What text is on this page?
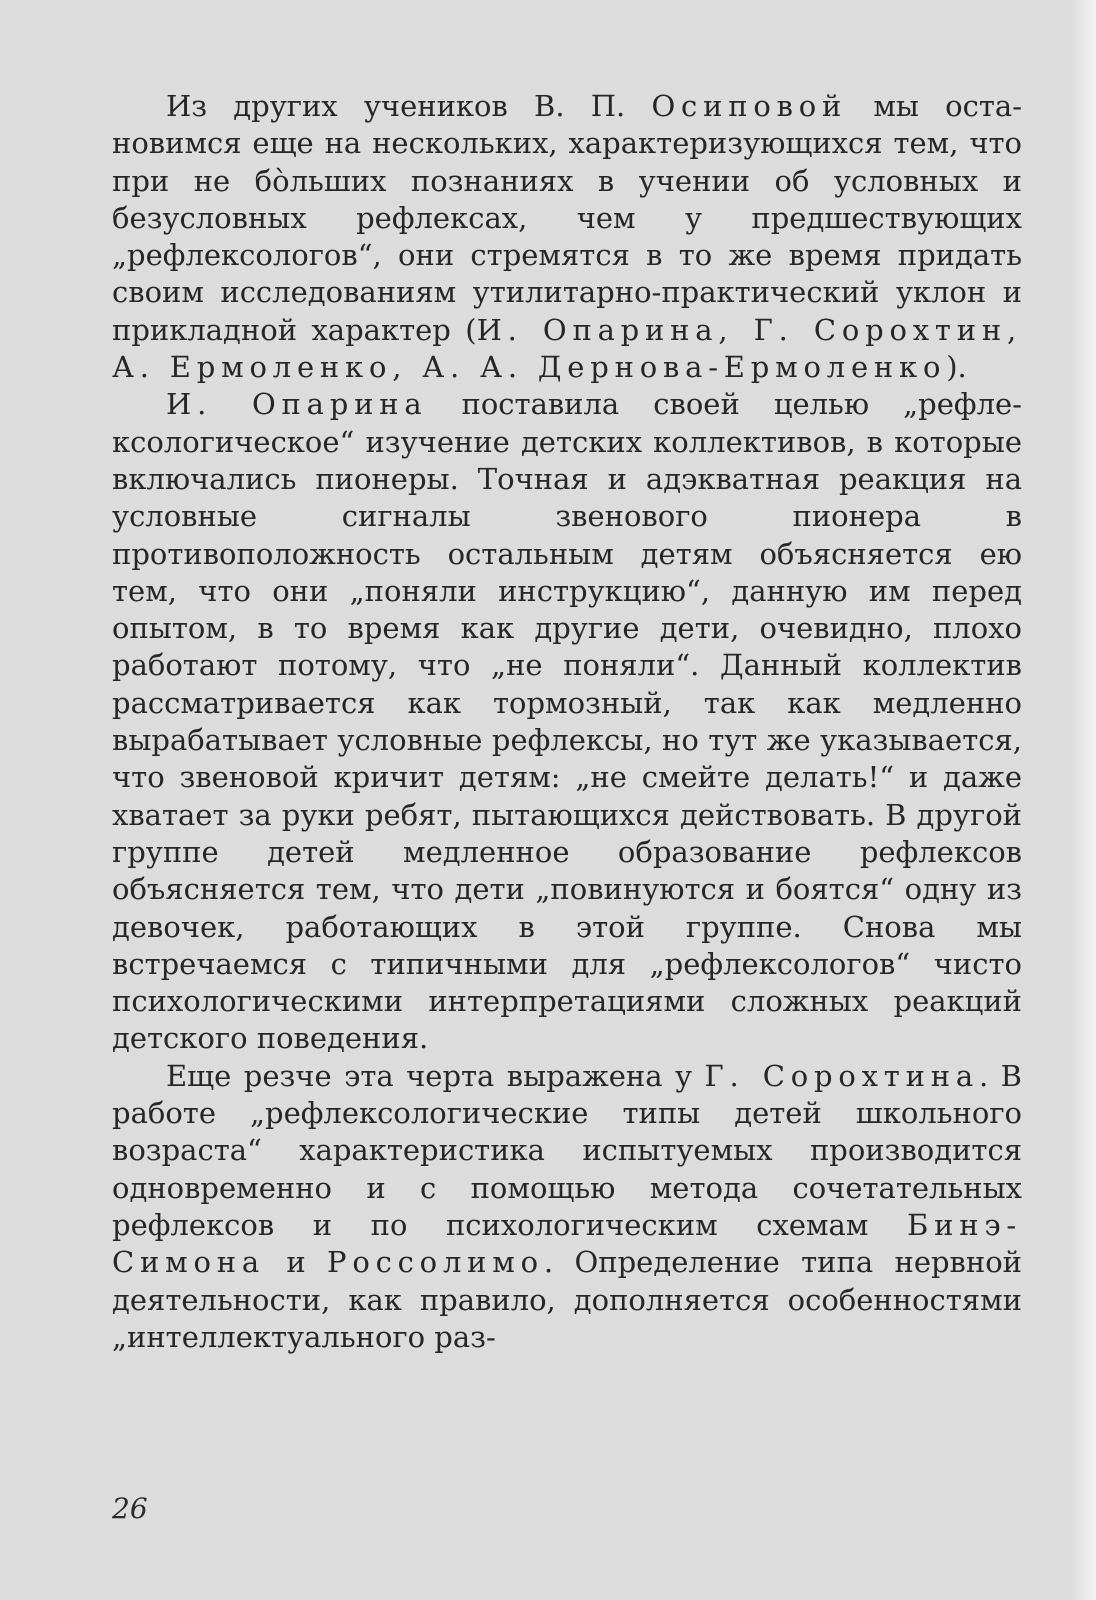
Из других учеников В. П. Осиповой мы остановимся еще на нескольких, характеризующихся тем, что при не бо̀льших познаниях в учении об условных и безусловных рефлексах, чем у предшествующих „рефлексологов“, они стремятся в то же время придать своим исследованиям утилитарно-практический уклон и прикладной характер (И. Опарина, Г. Сорохтин, А. Ермоленко, А. А. Дернова-Ермоленко).

И. Опарина поставила своей целью „рефлексологическое“ изучение детских коллективов, в которые включались пионеры. Точная и адэкватная реакция на условные сигналы звенового пионера в противоположность остальным детям объясняется ею тем, что они „поняли инструкцию“, данную им перед опытом, в то время как другие дети, очевидно, плохо работают потому, что „не поняли“. Данный коллектив рассматривается как тормозный, так как медленно вырабатывает условные рефлексы, но тут же указывается, что звеновой кричит детям: „не смейте делать!“ и даже хватает за руки ребят, пытающихся действовать. В другой группе детей медленное образование рефлексов объясняется тем, что дети „повинуются и боятся“ одну из девочек, работающих в этой группе. Снова мы встречаемся с типичными для „рефлексологов“ чисто психологическими интерпретациями сложных реакций детского поведения.

Еще резче эта черта выражена у Г. Сорохтина. В работе „рефлексологические типы детей школьного возраста“ характеристика испытуемых производится одновременно и с помощью метода сочетательных рефлексов и по психологическим схемам Бинэ-Симона и Россолимо. Определение типа нервной деятельности, как правило, дополняется особенностями „интеллектуального раз-

26
